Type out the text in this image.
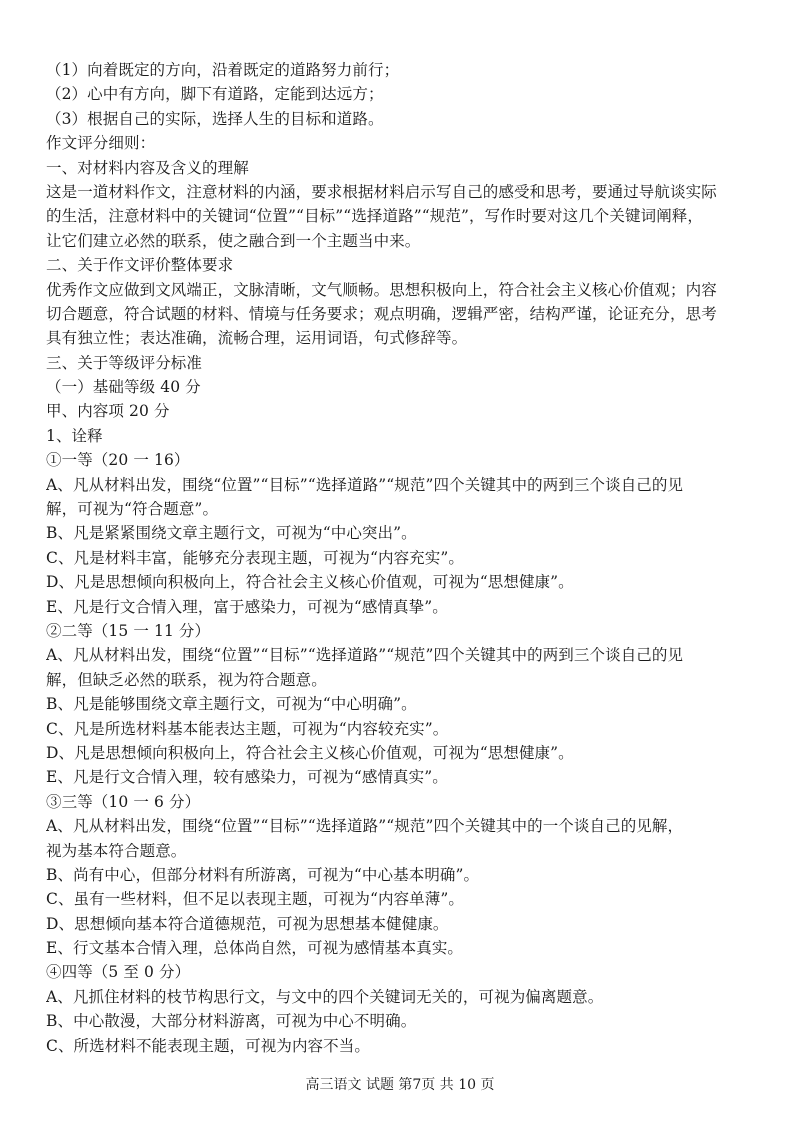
（1）向着既定的方向，沿着既定的道路努力前行；
（2）心中有方向，脚下有道路，定能到达远方；
（3）根据自己的实际，选择人生的目标和道路。
作文评分细则：
一、对材料内容及含义的理解
这是一道材料作文，注意材料的内涵，要求根据材料启示写自己的感受和思考，要通过导航谈实际
的生活，注意材料中的关键词“位置”“目标”“选择道路”“规范”，写作时要对这几个关键词阐释，
让它们建立必然的联系，使之融合到一个主题当中来。
二、关于作文评价整体要求
优秀作文应做到文风端正，文脉清晰，文气顺畅。思想积极向上，符合社会主义核心价值观；内容
切合题意，符合试题的材料、情境与任务要求；观点明确，逻辑严密，结构严谨，论证充分，思考
具有独立性；表达准确，流畅合理，运用词语，句式修辞等。
三、关于等级评分标准
（一）基础等级 40 分
甲、内容项 20 分
1、诠释
①一等（20 一 16）
A、凡从材料出发，围绕“位置”“目标”“选择道路”“规范”四个关键其中的两到三个谈自己的见
解，可视为“符合题意”。
B、凡是紧紧围绕文章主题行文，可视为“中心突出”。
C、凡是材料丰富，能够充分表现主题，可视为“内容充实”。
D、凡是思想倾向积极向上，符合社会主义核心价值观，可视为“思想健康”。
E、凡是行文合情入理，富于感染力，可视为“感情真挚”。
②二等（15 一 11 分）
A、凡从材料出发，围绕“位置”“目标”“选择道路”“规范”四个关键其中的两到三个谈自己的见
解，但缺乏必然的联系，视为符合题意。
B、凡是能够围绕文章主题行文，可视为“中心明确”。
C、凡是所选材料基本能表达主题，可视为“内容较充实”。
D、凡是思想倾向积极向上，符合社会主义核心价值观，可视为“思想健康”。
E、凡是行文合情入理，较有感染力，可视为“感情真实”。
③三等（10 一 6 分）
A、凡从材料出发，围绕“位置”“目标”“选择道路”“规范”四个关键其中的一个谈自己的见解，
视为基本符合题意。
B、尚有中心，但部分材料有所游离，可视为“中心基本明确”。
C、虽有一些材料，但不足以表现主题，可视为“内容单薄”。
D、思想倾向基本符合道德规范，可视为思想基本健健康。
E、行文基本合情入理，总体尚自然，可视为感情基本真实。
④四等（5 至 0 分）
A、凡抓住材料的枝节构思行文，与文中的四个关键词无关的，可视为偏离题意。
B、中心散漫，大部分材料游离，可视为中心不明确。
C、所选材料不能表现主题，可视为内容不当。
高三语文 试题 第7页 共 10 页
